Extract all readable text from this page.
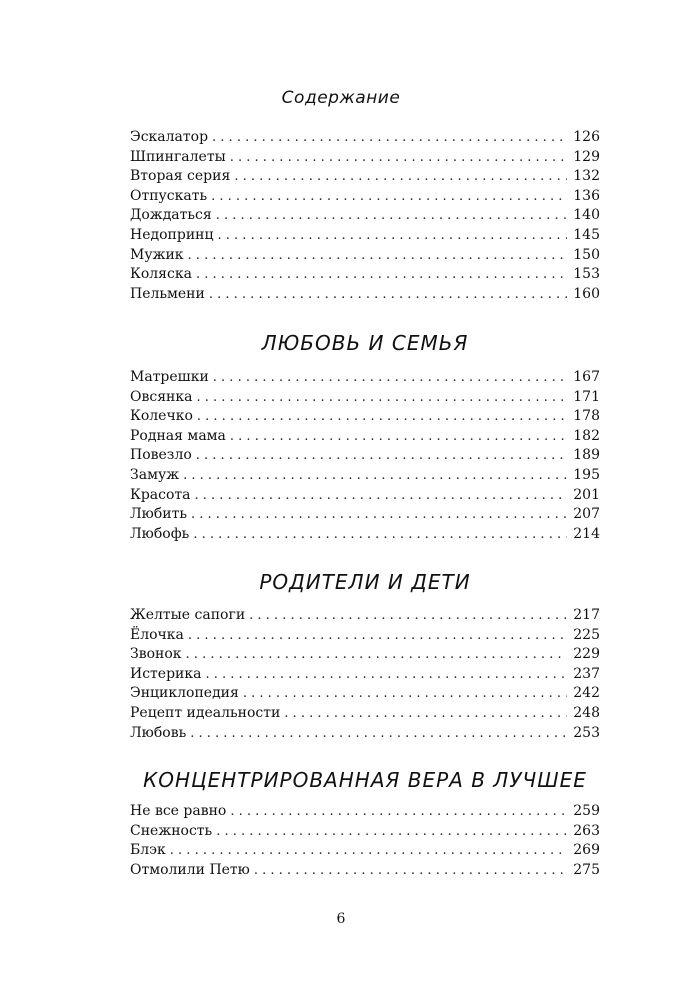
Содержание
Эскалатор . . .	126
Шпингалеты . . .	129
Вторая серия . . .	132
Отпускать . . .	136
Дождаться . . .	140
Недопринц . . .	145
Мужик . . .	150
Коляска . . .	153
Пельмени . . .	160
ЛЮБОВЬ И СЕМЬЯ
Матрешки . . .	167
Овсянка . . .	171
Колечко . . .	178
Родная мама . . .	182
Повезло . . .	189
Замуж . . .	195
Красота . . .	201
Любить . . .	207
Любофь . . .	214
РОДИТЕЛИ И ДЕТИ
Желтые сапоги . . .	217
Ёлочка . . .	225
Звонок . . .	229
Истерика . . .	237
Энциклопедия . . .	242
Рецепт идеальности . . .	248
Любовь . . .	253
КОНЦЕНТРИРОВАННАЯ ВЕРА В ЛУЧШЕЕ
Не все равно . . .	259
Снежность . . .	263
Блэк . . .	269
Отмолили Петю . . .	275
6
